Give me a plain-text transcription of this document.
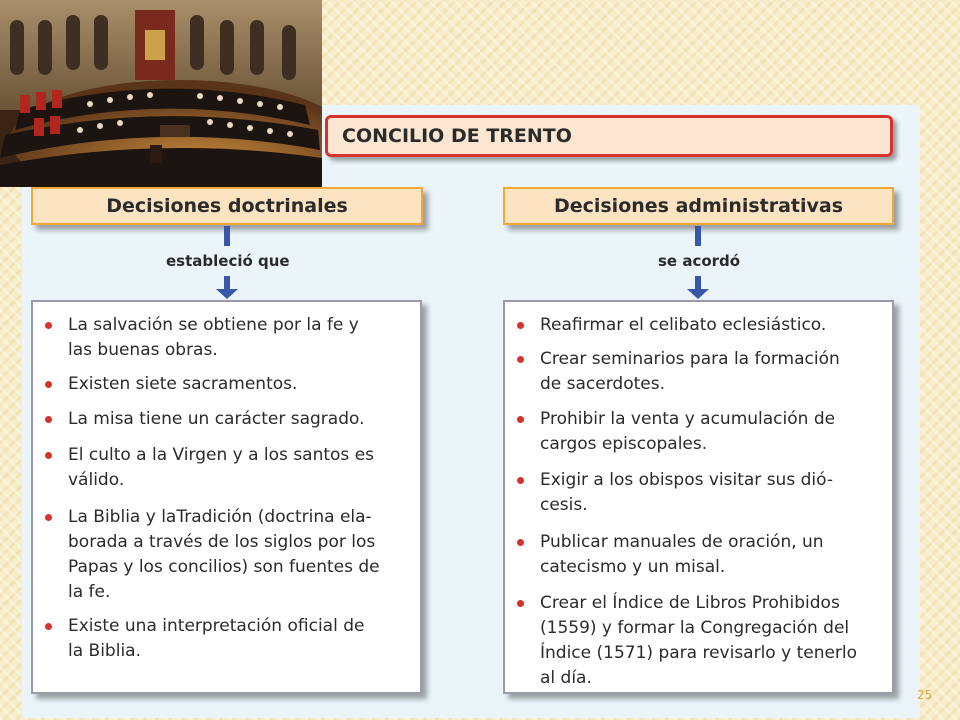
CONCILIO DE TRENTO
Decisiones doctrinales	Decisiones administrativas
estableció que	se acordó
La salvación se obtiene por la fe y
las buenas obras.
Existen siete sacramentos.
La misa tiene un carácter sagrado.
El culto a la Virgen y a los santos es
válido.
La Biblia y laTradición (doctrina ela-
borada a través de los siglos por los
Papas y los concilios) son fuentes de
la fe.
Existe una interpretación oficial de
la Biblia.
Reafirmar el celibato eclesiástico.
Crear seminarios para la formación
de sacerdotes.
Prohibir la venta y acumulación de
cargos episcopales.
Exigir a los obispos visitar sus dió-
cesis.
Publicar manuales de oración, un
catecismo y un misal.
Crear el Índice de Libros Prohibidos
(1559) y formar la Congregación del
Índice (1571) para revisarlo y tenerlo
al día.
25
